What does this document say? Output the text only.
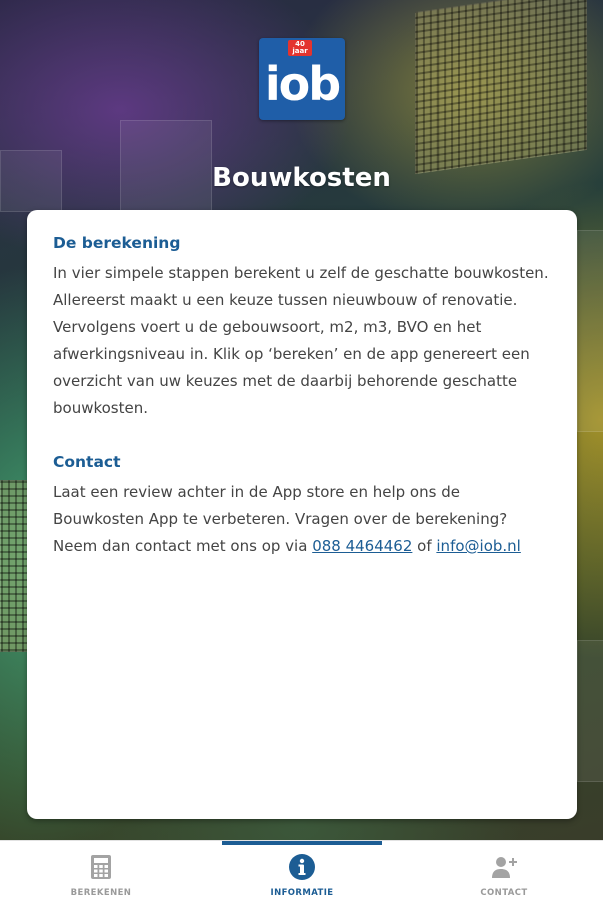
40 jaar
iob
Bouwkosten

De berekening

In vier simpele stappen berekent u zelf de geschatte bouwkosten. Allereerst maakt u een keuze tussen nieuwbouw of renovatie. Vervolgens voert u de gebouwsoort, m2, m3, BVO en het afwerkingsniveau in. Klik op ‘bereken’ en de app genereert een overzicht van uw keuzes met de daarbij behorende geschatte bouwkosten.

Contact

Laat een review achter in de App store en help ons de Bouwkosten App te verbeteren. Vragen over de berekening? Neem dan contact met ons op via 088 4464462 of info@iob.nl

BEREKENEN	INFORMATIE	CONTACT
